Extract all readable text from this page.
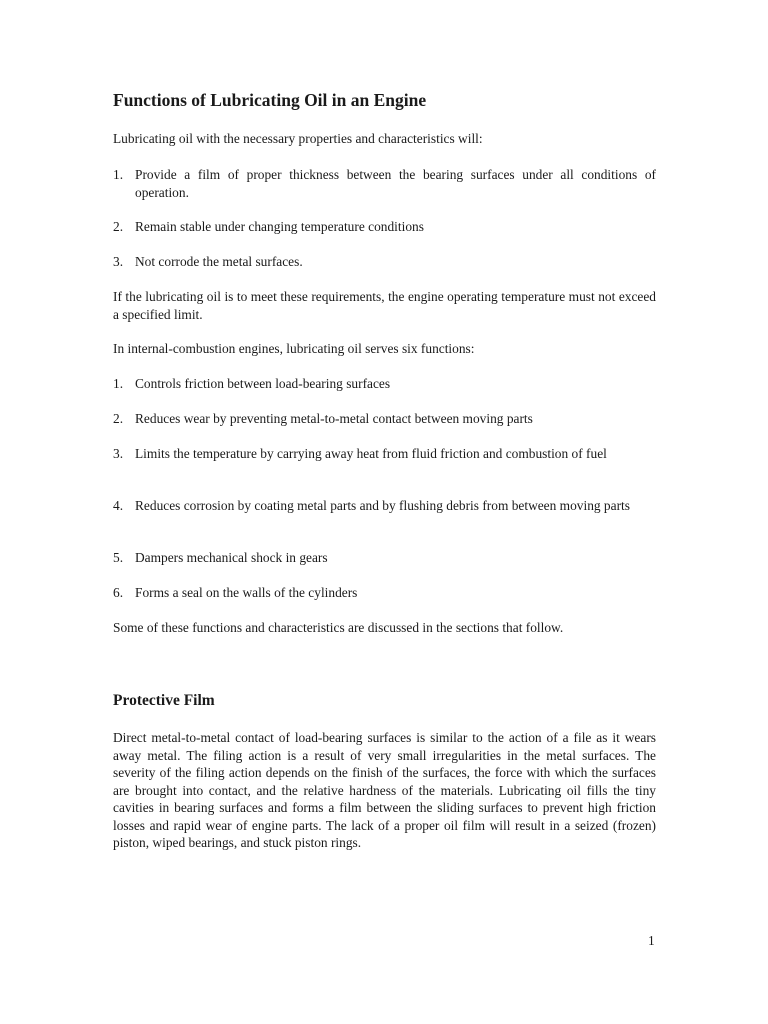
Functions of Lubricating Oil in an Engine

Lubricating oil with the necessary properties and characteristics will:

1. Provide a film of proper thickness between the bearing surfaces under all conditions of operation.
2. Remain stable under changing temperature conditions
3. Not corrode the metal surfaces.

If the lubricating oil is to meet these requirements, the engine operating temperature must not exceed a specified limit.

In internal-combustion engines, lubricating oil serves six functions:

1. Controls friction between load-bearing surfaces
2. Reduces wear by preventing metal-to-metal contact between moving parts
3. Limits the temperature by carrying away heat from fluid friction and combustion of fuel
4. Reduces corrosion by coating metal parts and by flushing debris from between moving parts
5. Dampers mechanical shock in gears
6. Forms a seal on the walls of the cylinders

Some of these functions and characteristics are discussed in the sections that follow.

Protective Film

Direct metal-to-metal contact of load-bearing surfaces is similar to the action of a file as it wears away metal. The filing action is a result of very small irregularities in the metal surfaces. The severity of the filing action depends on the finish of the surfaces, the force with which the surfaces are brought into contact, and the relative hardness of the materials. Lubricating oil fills the tiny cavities in bearing surfaces and forms a film between the sliding surfaces to prevent high friction losses and rapid wear of engine parts. The lack of a proper oil film will result in a seized (frozen) piston, wiped bearings, and stuck piston rings.

1
